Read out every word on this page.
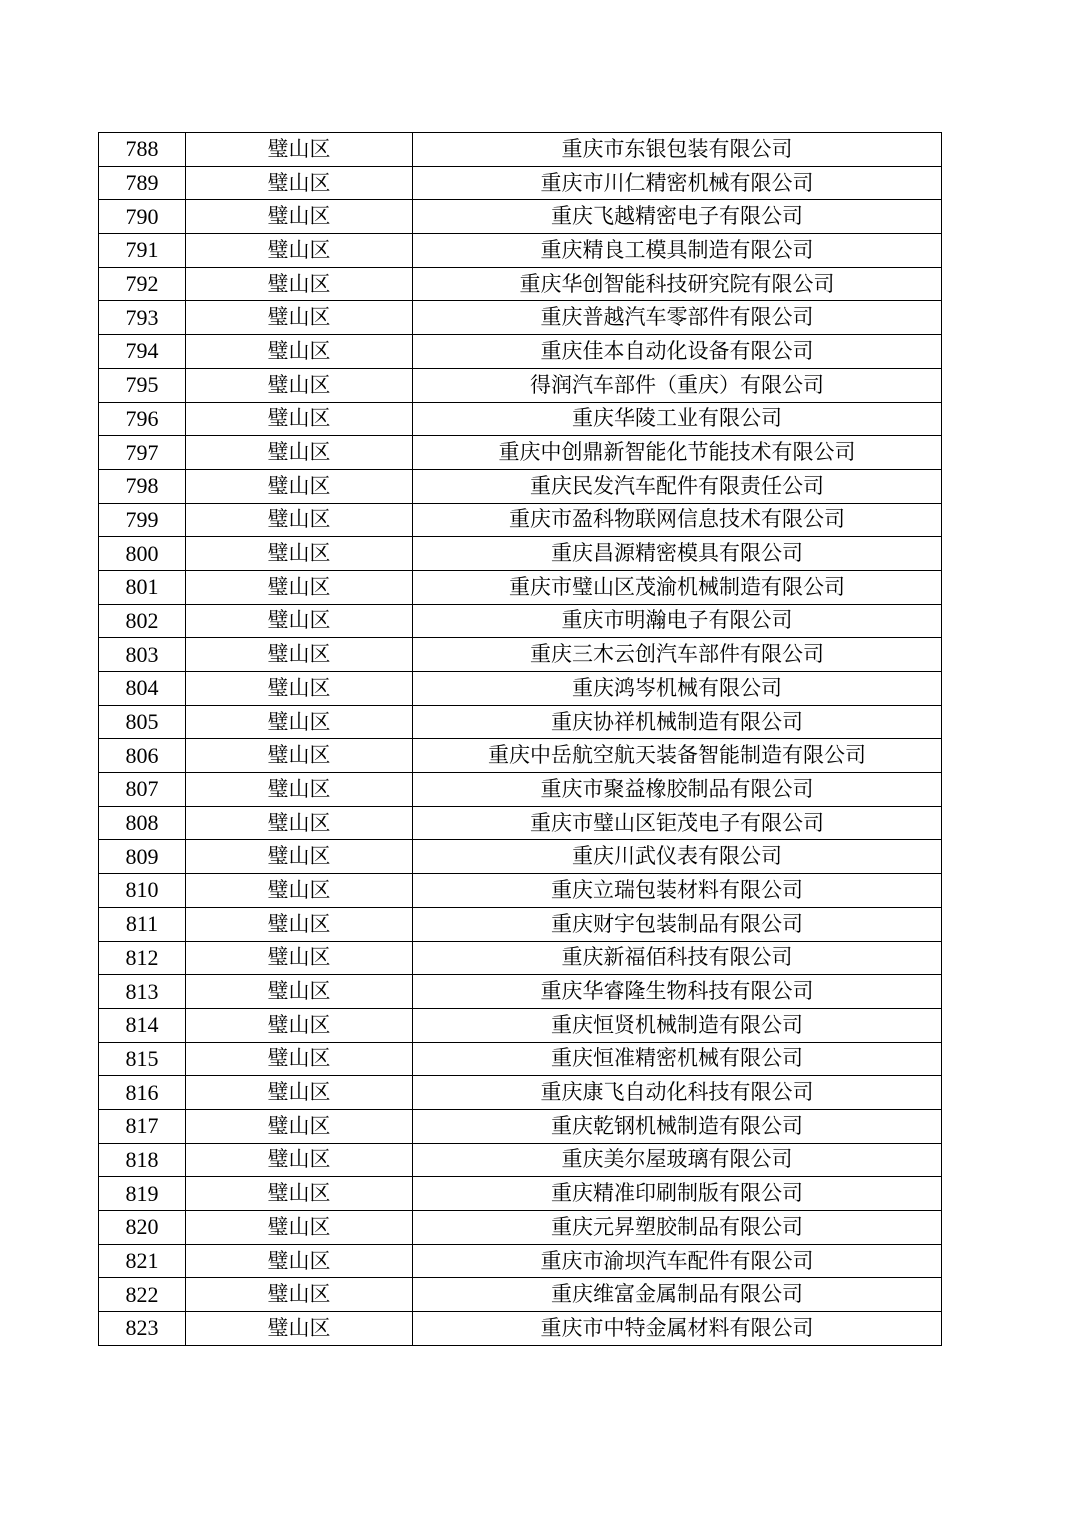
788	璧山区	重庆市东银包装有限公司
789	璧山区	重庆市川仁精密机械有限公司
790	璧山区	重庆飞越精密电子有限公司
791	璧山区	重庆精良工模具制造有限公司
792	璧山区	重庆华创智能科技研究院有限公司
793	璧山区	重庆普越汽车零部件有限公司
794	璧山区	重庆佳本自动化设备有限公司
795	璧山区	得润汽车部件（重庆）有限公司
796	璧山区	重庆华陵工业有限公司
797	璧山区	重庆中创鼎新智能化节能技术有限公司
798	璧山区	重庆民发汽车配件有限责任公司
799	璧山区	重庆市盈科物联网信息技术有限公司
800	璧山区	重庆昌源精密模具有限公司
801	璧山区	重庆市璧山区茂渝机械制造有限公司
802	璧山区	重庆市明瀚电子有限公司
803	璧山区	重庆三木云创汽车部件有限公司
804	璧山区	重庆鸿岑机械有限公司
805	璧山区	重庆协祥机械制造有限公司
806	璧山区	重庆中岳航空航天装备智能制造有限公司
807	璧山区	重庆市聚益橡胶制品有限公司
808	璧山区	重庆市璧山区钜茂电子有限公司
809	璧山区	重庆川武仪表有限公司
810	璧山区	重庆立瑞包装材料有限公司
811	璧山区	重庆财宇包装制品有限公司
812	璧山区	重庆新福佰科技有限公司
813	璧山区	重庆华睿隆生物科技有限公司
814	璧山区	重庆恒贤机械制造有限公司
815	璧山区	重庆恒准精密机械有限公司
816	璧山区	重庆康飞自动化科技有限公司
817	璧山区	重庆乾钢机械制造有限公司
818	璧山区	重庆美尔屋玻璃有限公司
819	璧山区	重庆精准印刷制版有限公司
820	璧山区	重庆元昇塑胶制品有限公司
821	璧山区	重庆市渝坝汽车配件有限公司
822	璧山区	重庆维富金属制品有限公司
823	璧山区	重庆市中特金属材料有限公司
